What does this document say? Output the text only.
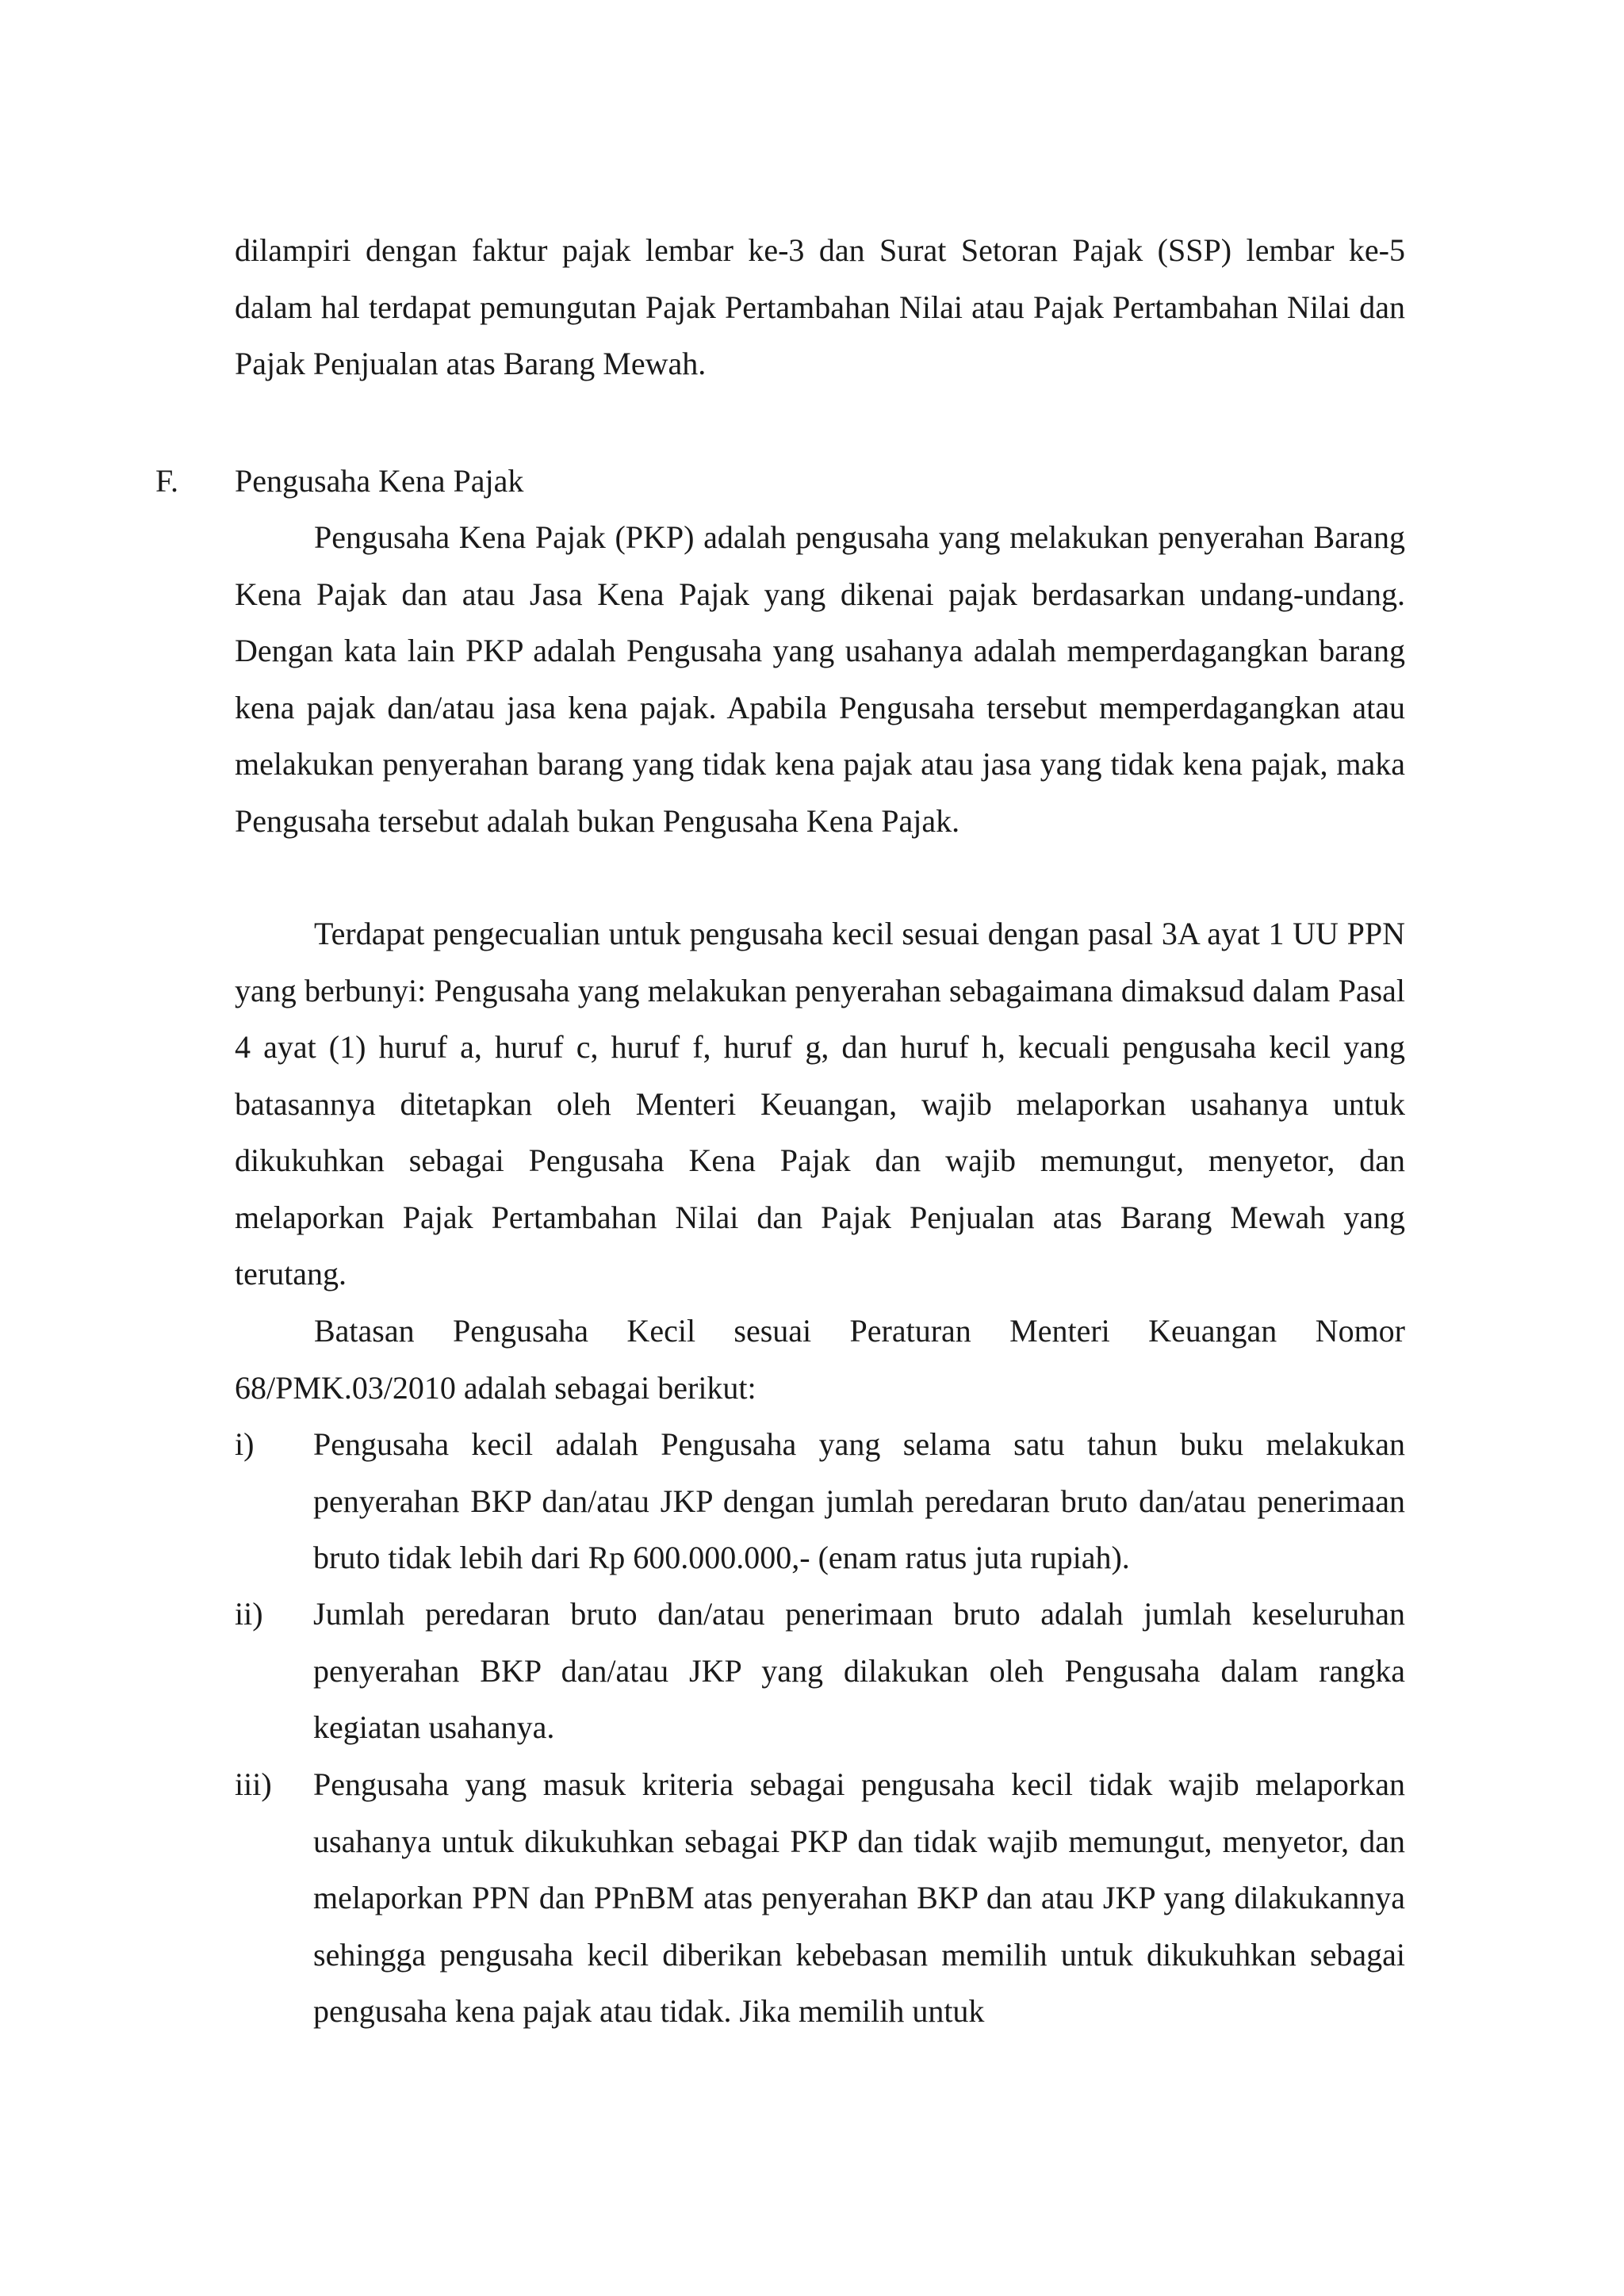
dilampiri dengan faktur pajak lembar ke-3 dan Surat Setoran Pajak (SSP) lembar ke-5 dalam hal terdapat pemungutan Pajak Pertambahan Nilai atau Pajak Pertambahan Nilai dan Pajak Penjualan atas Barang Mewah.

F. Pengusaha Kena Pajak

Pengusaha Kena Pajak (PKP) adalah pengusaha yang melakukan penyerahan Barang Kena Pajak dan atau Jasa Kena Pajak yang dikenai pajak berdasarkan undang-undang. Dengan kata lain PKP adalah Pengusaha yang usahanya adalah memperdagangkan barang kena pajak dan/atau jasa kena pajak. Apabila Pengusaha tersebut memperdagangkan atau melakukan penyerahan barang yang tidak kena pajak atau jasa yang tidak kena pajak, maka Pengusaha tersebut adalah bukan Pengusaha Kena Pajak.

Terdapat pengecualian untuk pengusaha kecil sesuai dengan pasal 3A ayat 1 UU PPN yang berbunyi: Pengusaha yang melakukan penyerahan sebagaimana dimaksud dalam Pasal 4 ayat (1) huruf a, huruf c, huruf f, huruf g, dan huruf h, kecuali pengusaha kecil yang batasannya ditetapkan oleh Menteri Keuangan, wajib melaporkan usahanya untuk dikukuhkan sebagai Pengusaha Kena Pajak dan wajib memungut, menyetor, dan melaporkan Pajak Pertambahan Nilai dan Pajak Penjualan atas Barang Mewah yang terutang.

Batasan Pengusaha Kecil sesuai Peraturan Menteri Keuangan Nomor 68/PMK.03/2010 adalah sebagai berikut:

i) Pengusaha kecil adalah Pengusaha yang selama satu tahun buku melakukan penyerahan BKP dan/atau JKP dengan jumlah peredaran bruto dan/atau penerimaan bruto tidak lebih dari Rp 600.000.000,- (enam ratus juta rupiah).

ii) Jumlah peredaran bruto dan/atau penerimaan bruto adalah jumlah keseluruhan penyerahan BKP dan/atau JKP yang dilakukan oleh Pengusaha dalam rangka kegiatan usahanya.

iii) Pengusaha yang masuk kriteria sebagai pengusaha kecil tidak wajib melaporkan usahanya untuk dikukuhkan sebagai PKP dan tidak wajib memungut, menyetor, dan melaporkan PPN dan PPnBM atas penyerahan BKP dan atau JKP yang dilakukannya sehingga pengusaha kecil diberikan kebebasan memilih untuk dikukuhkan sebagai pengusaha kena pajak atau tidak. Jika memilih untuk
